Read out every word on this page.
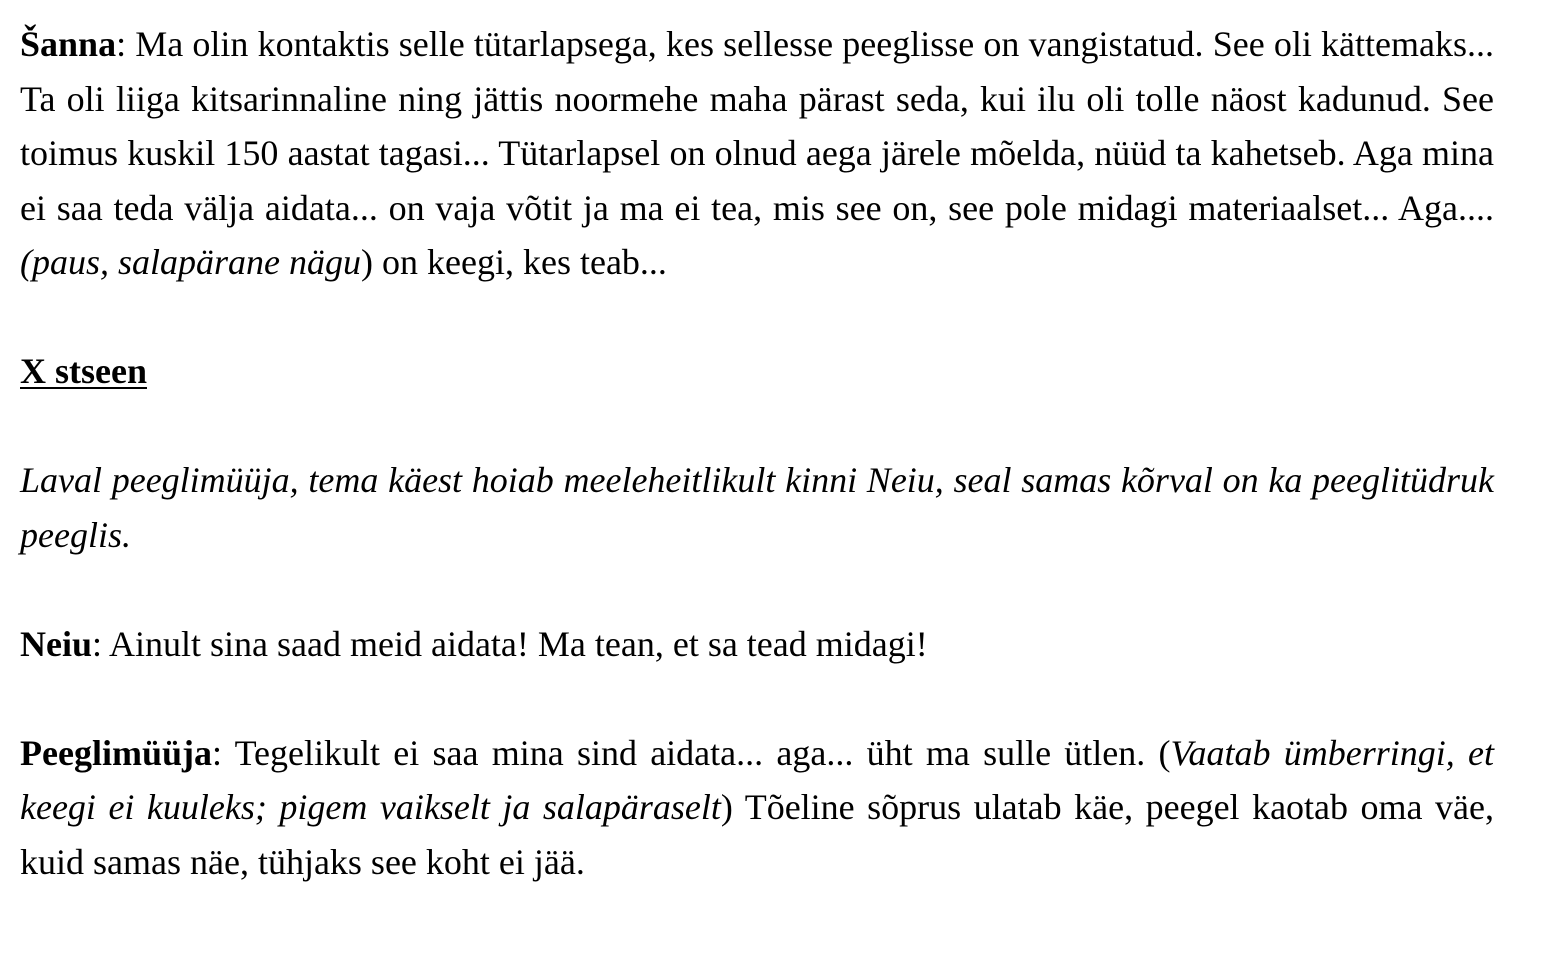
Šanna: Ma olin kontaktis selle tütarlapsega, kes sellesse peeglisse on vangistatud. See oli kättemaks... Ta oli liiga kitsarinnaline ning jättis noormehe maha pärast seda, kui ilu oli tolle näost kadunud. See toimus kuskil 150 aastat tagasi... Tütarlapsel on olnud aega järele mõelda, nüüd ta kahetseb. Aga mina ei saa teda välja aidata... on vaja võtit ja ma ei tea, mis see on, see pole midagi materiaalset... Aga.... (paus, salapärane nägu) on keegi, kes teab...

X stseen

Laval peeglimüüja, tema käest hoiab meeleheitlikult kinni Neiu, seal samas kõrval on ka peeglitüdruk peeglis.

Neiu: Ainult sina saad meid aidata! Ma tean, et sa tead midagi!

Peeglimüüja: Tegelikult ei saa mina sind aidata... aga... üht ma sulle ütlen. (Vaatab ümberringi, et keegi ei kuuleks; pigem vaikselt ja salapäraselt) Tõeline sõprus ulatab käe, peegel kaotab oma väe, kuid samas näe, tühjaks see koht ei jää.
